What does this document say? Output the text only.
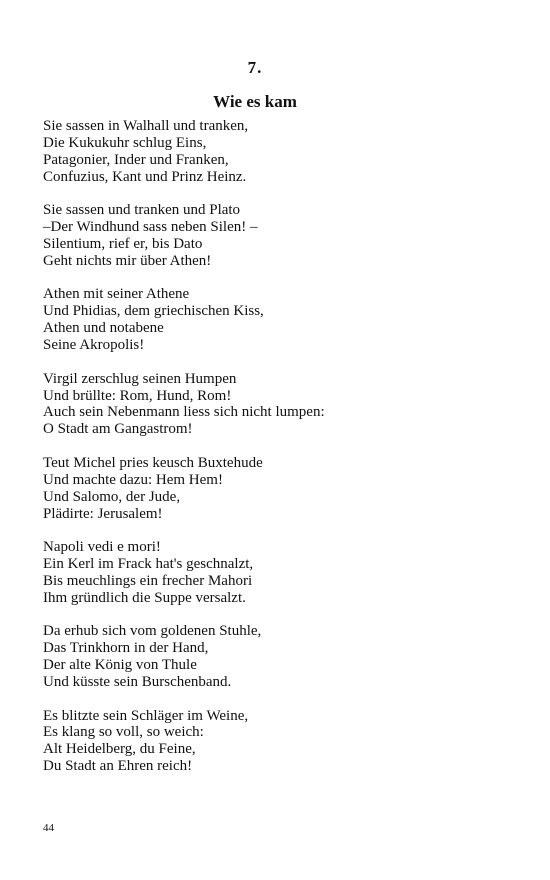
7.
Wie es kam
Sie sassen in Walhall und tranken,
Die Kukukuhr schlug Eins,
Patagonier, Inder und Franken,
Confuzius, Kant und Prinz Heinz.
Sie sassen und tranken und Plato
–Der Windhund sass neben Silen! –
Silentium, rief er, bis Dato
Geht nichts mir über Athen!
Athen mit seiner Athene
Und Phidias, dem griechischen Kiss,
Athen und notabene
Seine Akropolis!
Virgil zerschlug seinen Humpen
Und brüllte: Rom, Hund, Rom!
Auch sein Nebenmann liess sich nicht lumpen:
O Stadt am Gangastrom!
Teut Michel pries keusch Buxtehude
Und machte dazu: Hem Hem!
Und Salomo, der Jude,
Plädirte: Jerusalem!
Napoli vedi e mori!
Ein Kerl im Frack hat's geschnalzt,
Bis meuchlings ein frecher Mahori
Ihm gründlich die Suppe versalzt.
Da erhub sich vom goldenen Stuhle,
Das Trinkhorn in der Hand,
Der alte König von Thule
Und küsste sein Burschenband.
Es blitzte sein Schläger im Weine,
Es klang so voll, so weich:
Alt Heidelberg, du Feine,
Du Stadt an Ehren reich!
44
